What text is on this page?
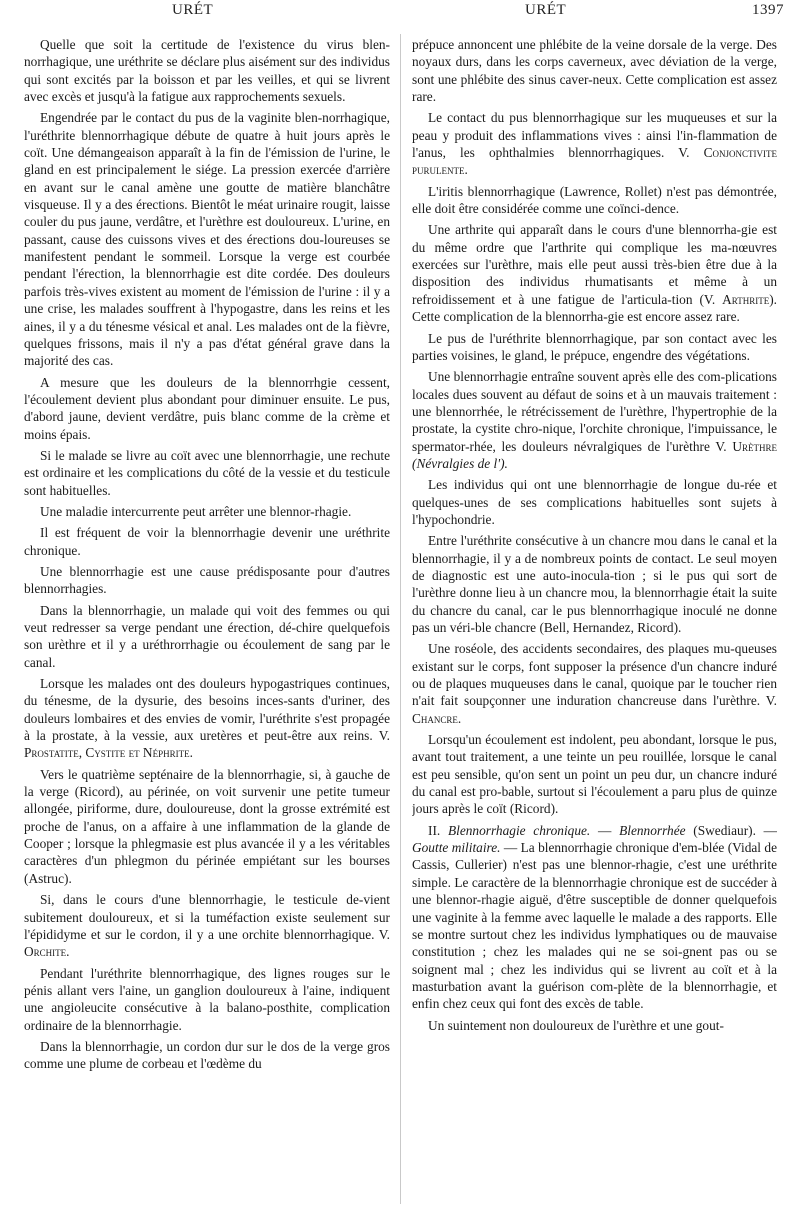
URÉT	URÉT	1397

Quelle que soit la certitude de l'existence du virus blen-norrhagique, une uréthrite se déclare plus aisément sur des individus qui sont excités par la boisson et par les veilles, et qui se livrent avec excès et jusqu'à la fatigue aux rapprochements sexuels.

Engendrée par le contact du pus de la vaginite blen-norrhagique, l'uréthrite blennorrhagique débute de quatre à huit jours après le coït. Une démangeaison apparaît à la fin de l'émission de l'urine, le gland en est principalement le siége. La pression exercée d'arrière en avant sur le canal amène une goutte de matière blanchâtre visqueuse. Il y a des érections. Bientôt le méat urinaire rougit, laisse couler du pus jaune, verdâtre, et l'urèthre est douloureux. L'urine, en passant, cause des cuissons vives et des érections dou-loureuses se manifestent pendant le sommeil. Lorsque la verge est courbée pendant l'érection, la blennorrhagie est dite cordée. Des douleurs parfois très-vives existent au moment de l'émission de l'urine : il y a une crise, les malades souffrent à l'hypogastre, dans les reins et les aines, il y a du ténesme vésical et anal. Les malades ont de la fièvre, quelques frissons, mais il n'y a pas d'état général grave dans la majorité des cas.

A mesure que les douleurs de la blennorrhgie cessent, l'écoulement devient plus abondant pour diminuer ensuite. Le pus, d'abord jaune, devient verdâtre, puis blanc comme de la crème et moins épais.

Si le malade se livre au coït avec une blennorrhagie, une rechute est ordinaire et les complications du côté de la vessie et du testicule sont habituelles.

Une maladie intercurrente peut arrêter une blennor-rhagie.

Il est fréquent de voir la blennorrhagie devenir une uréthrite chronique.

Une blennorrhagie est une cause prédisposante pour d'autres blennorrhagies.

Dans la blennorrhagie, un malade qui voit des femmes ou qui veut redresser sa verge pendant une érection, dé-chire quelquefois son urèthre et il y a uréthrorrhagie ou écoulement de sang par le canal.

Lorsque les malades ont des douleurs hypogastriques continues, du ténesme, de la dysurie, des besoins inces-sants d'uriner, des douleurs lombaires et des envies de vomir, l'uréthrite s'est propagée à la prostate, à la vessie, aux uretères et peut-être aux reins. V. Prostatite, Cystite et Néphrite.

Vers le quatrième septénaire de la blennorrhagie, si, à gauche de la verge (Ricord), au périnée, on voit survenir une petite tumeur allongée, piriforme, dure, douloureuse, dont la grosse extrémité est proche de l'anus, on a affaire à une inflammation de la glande de Cooper ; lorsque la phlegmasie est plus avancée il y a les véritables caractères d'un phlegmon du périnée empiétant sur les bourses (Astruc).

Si, dans le cours d'une blennorrhagie, le testicule de-vient subitement douloureux, et si la tuméfaction existe seulement sur l'épididyme et sur le cordon, il y a une orchite blennorrhagique. V. Orchite.

Pendant l'uréthrite blennorrhagique, des lignes rouges sur le pénis allant vers l'aine, un ganglion douloureux à l'aine, indiquent une angioleucite consécutive à la balano-posthite, complication ordinaire de la blennorrhagie.

Dans la blennorrhagie, un cordon dur sur le dos de la verge gros comme une plume de corbeau et l'œdème du

prépuce annoncent une phlébite de la veine dorsale de la verge. Des noyaux durs, dans les corps caverneux, avec déviation de la verge, sont une phlébite des sinus caver-neux. Cette complication est assez rare.

Le contact du pus blennorrhagique sur les muqueuses et sur la peau y produit des inflammations vives : ainsi l'in-flammation de l'anus, les ophthalmies blennorrhagiques. V. Conjonctivite purulente.

L'iritis blennorrhagique (Lawrence, Rollet) n'est pas démontrée, elle doit être considérée comme une coïnci-dence.

Une arthrite qui apparaît dans le cours d'une blennorrha-gie est du même ordre que l'arthrite qui complique les ma-nœuvres exercées sur l'urèthre, mais elle peut aussi très-bien être due à la disposition des individus rhumatisants et même à un refroidissement et à une fatigue de l'articula-tion (V. Arthrite). Cette complication de la blennorrha-gie est encore assez rare.

Le pus de l'uréthrite blennorrhagique, par son contact avec les parties voisines, le gland, le prépuce, engendre des végétations.

Une blennorrhagie entraîne souvent après elle des com-plications locales dues souvent au défaut de soins et à un mauvais traitement : une blennorrhée, le rétrécissement de l'urèthre, l'hypertrophie de la prostate, la cystite chro-nique, l'orchite chronique, l'impuissance, le spermator-rhée, les douleurs névralgiques de l'urèthre V. Urèthre (Névralgies de l').

Les individus qui ont une blennorrhagie de longue du-rée et quelques-unes de ses complications habituelles sont sujets à l'hypochondrie.

Entre l'uréthrite consécutive à un chancre mou dans le canal et la blennorrhagie, il y a de nombreux points de contact. Le seul moyen de diagnostic est une auto-inocula-tion ; si le pus qui sort de l'urèthre donne lieu à un chancre mou, la blennorrhagie était la suite du chancre du canal, car le pus blennorrhagique inoculé ne donne pas un véri-ble chancre (Bell, Hernandez, Ricord).

Une roséole, des accidents secondaires, des plaques mu-queuses existant sur le corps, font supposer la présence d'un chancre induré ou de plaques muqueuses dans le canal, quoique par le toucher rien n'ait fait soupçonner une induration chancreuse dans l'urèthre. V. Chancre.

Lorsqu'un écoulement est indolent, peu abondant, lorsque le pus, avant tout traitement, a une teinte un peu rouillée, lorsque le canal est peu sensible, qu'on sent un point un peu dur, un chancre induré du canal est pro-bable, surtout si l'écoulement a paru plus de quinze jours après le coït (Ricord).

II. Blennorrhagie chronique. — Blennorrhée (Swediaur). — Goutte militaire. — La blennorrhagie chronique d'em-blée (Vidal de Cassis, Cullerier) n'est pas une blennor-rhagie, c'est une uréthrite simple. Le caractère de la blennorrhagie chronique est de succéder à une blennor-rhagie aiguë, d'être susceptible de donner quelquefois une vaginite à la femme avec laquelle le malade a des rapports. Elle se montre surtout chez les individus lymphatiques ou de mauvaise constitution ; chez les malades qui ne se soi-gnent pas ou se soignent mal ; chez les individus qui se livrent au coït et à la masturbation avant la guérison com-plète de la blennorrhagie, et enfin chez ceux qui font des excès de table.

Un suintement non douloureux de l'urèthre et une gout-
